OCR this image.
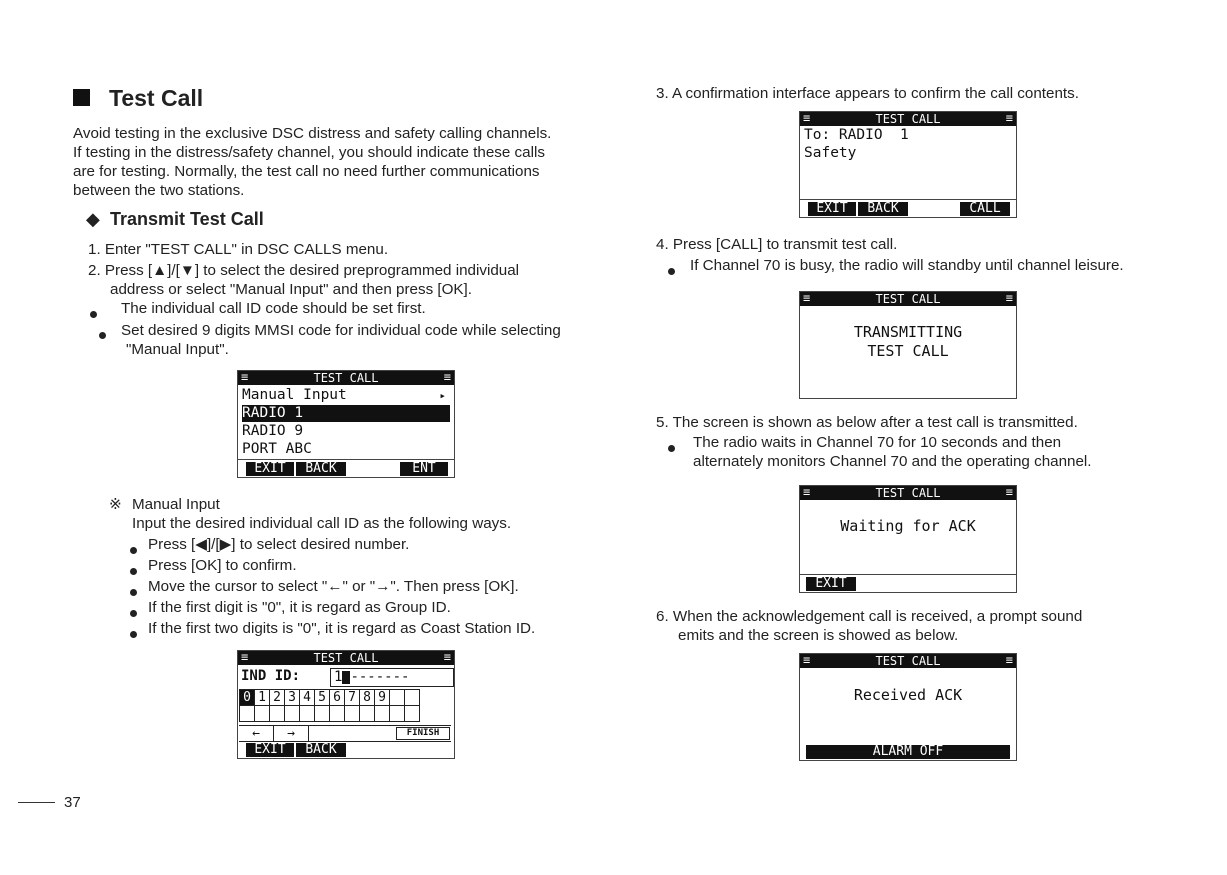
Test Call
Avoid testing in the exclusive DSC distress and safety calling channels.
If testing in the distress/safety channel, you should indicate these calls
are for testing. Normally, the test call no need further communications
between the two stations.
◆ Transmit Test Call
1. Enter "TEST CALL" in DSC CALLS menu.
2. Press [▲]/[▼] to select the desired preprogrammed individual
address or select "Manual Input" and then press [OK].
The individual call ID code should be set first.
Set desired 9 digits MMSI code for individual code while selecting
"Manual Input".
≡	TEST CALL	≡
Manual Input	▸
RADIO 1
RADIO 9
PORT ABC
EXIT	BACK	ENT
※ Manual Input
Input the desired individual call ID as the following ways.
Press [◀]/[▶] to select desired number.
Press [OK] to confirm.
Move the cursor to select "←" or "→". Then press [OK].
If the first digit is "0", it is regard as Group ID.
If the first two digits is "0", it is regard as Coast Station ID.
≡	TEST CALL	≡
IND ID: 1 -------
0	1	2	3	4	5	6	7	8	9		

←	→	FINISH
EXIT	BACK
3. A confirmation interface appears to confirm the call contents.
≡	TEST CALL	≡
To: RADIO  1
Safety
EXIT	BACK	CALL
4. Press [CALL] to transmit test call.
If Channel 70 is busy, the radio will standby until channel leisure.
≡	TEST CALL	≡
TRANSMITTING
TEST CALL
5. The screen is shown as below after a test call is transmitted.
The radio waits in Channel 70 for 10 seconds and then
alternately monitors Channel 70 and the operating channel.
≡	TEST CALL	≡
Waiting for ACK
EXIT
6. When the acknowledgement call is received, a prompt sound
emits and the screen is showed as below.
≡	TEST CALL	≡
Received ACK
ALARM OFF
37
